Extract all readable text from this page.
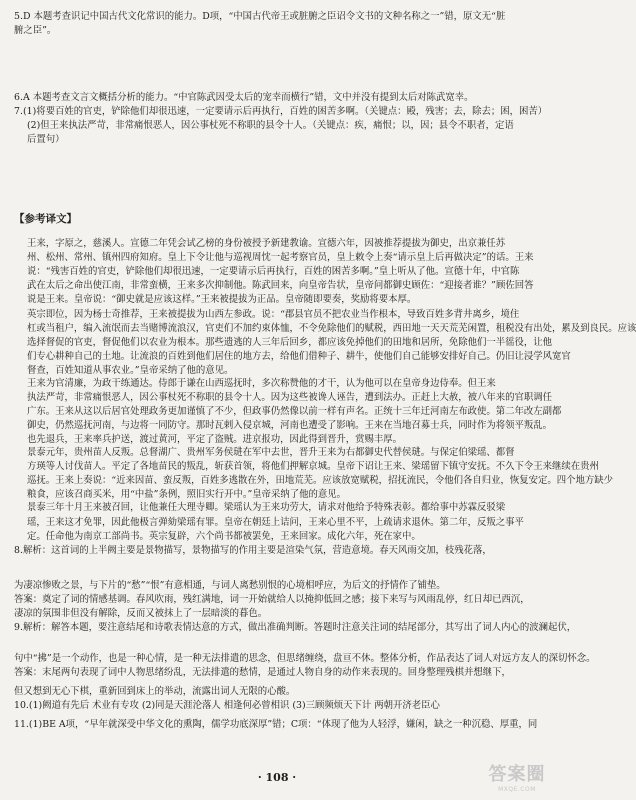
5.D 本题考查识记中国古代文化常识的能力。D项，“中国古代帝王或脏腑之臣诏令文书的文种名称之一”错，原文无“脏
腑之臣”。
6.A 本题考查文言文概括分析的能力。“中官陈武因受太后的宠幸而横行”错，文中并没有提到太后对陈武宽幸。
7.(1)将要百姓的官吏，铲除他们却很迅速，一定要请示后再执行，百姓的困苦多啊。（关键点：殿，残害；去，除去；困，困苦）
(2)但王来执法严苛，非常痛恨恶人，因公事杖死不称职的县令十人。（关键点：疾，痛恨；以，因；县令不职者，定语
后置句）
王来，字原之，慈溪人。宣德二年凭会试乙榜的身份被授予新建教谕。宣德六年，因被推荐提拔为御史，出京兼任苏
州、松州、常州、镇州四府知府。皇上下令让他与巡视周忱一起考察官员，皇上敕令上奏“请示皇上后再做决定”的话。王来
说：“残害百姓的官吏，铲除他们却很迅速，一定要请示后再执行，百姓的困苦多啊。”皇上听从了他。宣德十年，中官陈
武在太后之命出使江南，非常蛮横，王来多次抑制他。陈武回来，向皇帝告状，皇帝问都御史顾佐：“迎接者谁？”顾佐回答
说是王来。皇帝说：“御史就是应该这样。”王来被提拔为正品。皇帝随即要奏，奖励将要本厚。
英宗即位，因为杨士奇推荐，王来被提拔为山西左参政。说：“郡县官员不把农业当作根本，导致百姓多背井离乡，境住
杠或当租户，编入流氓而去当赌博流浪汉，官吏们不加约束体恤，不令免除他们的赋税，西田地一天天荒芜闲置，租税没有出处，累及到良民。应该
选择督促的官吏，督促他们以农业为根本。那些遗逃的人三年后回乡，都应该免掉他们的田地和居所，免除他们一半徭役，让他
们专心耕种自己的土地。让流浪的百姓到他们居住的地方去，给他们借种子、耕牛，使他们自己能够安排好自己。仍旧让浸学风宽官
督查，百姓知道从事农业。”皇帝采纳了他的意见。
王来为官清廉，为政干练通达。侍郎于谦在山西巡抚时，多次称赞他的才干，认为他可以在皇帝身边侍奉。但王来
执法严苛，非常痛恨恶人，因公事杖死不称职的县令十人。因为这些被谗人诬告，遭到法办。正赶上大赦，被八年来的官职调任
广东。王来从这以后居官处理政务更加谨慎了不少，但政事仍然像以前一样有声名。正统十三年迁河南左布政使。第二年改左副都
御史，仍然巡抚河南，与边将一同防守。那时瓦剌入侵京城，河南也遭受了影响。王来在当地召募士兵，同时作为将领平叛乱。
也先退兵，王来率兵护送，渡过黄河，平定了盗贼。进京报功，因此得到晋升，赏赐丰厚。
景泰元年，贵州苗人反叛。总督湖广、贵州军务侯琎在军中去世，晋升王来为右都御史代替侯琎。与保定伯梁瑶、都督
方瑛等人讨伐苗人。平定了各地苗民的叛乱，斩获首领，将他们押解京城。皇帝下诏让王来、梁瑶留下镇守安抚。不久下令王来继续在贵州
巡抚。王来上奏说：“近来因苗、蛮反叛，百姓多逃散在外，田地荒芜。应该放宽赋税，招抚流民，令他们各自归业，恢复安定。四个地方缺少
粮食，应该召商买米，用“中盐”条例，照旧实行开中。”皇帝采纳了他的意见。
景泰三年十月王来被召回，让他兼任大理寺卿。梁瑶认为王来功劳大，请求对他给予特殊表彰。都给事中苏霖反驳梁
瑶，王来这才免罪，因此他极言弹劾梁瑶有罪。皇帝在朝廷上诘问，王来心里不平，上疏请求退休。第二年，反叛之事平
定。任命他为南京工部尚书。英宗复辟，六个尚书都被罢免，王来回家。成化六年，死在家中。
8.解析：这首词的上半阙主要是景物描写，景物描写的作用主要是渲染气氛，营造意境。春天风雨交加，枝残花落，
为凄凉惨败之景，与下片的“愁”“恨”有意相通，与词人离愁别恨的心境相呼应，为后文的抒情作了铺垫。
答案：奠定了词的情感基调。春风吹雨，残红满地，词一开始就给人以掩抑低回之感；接下来写与风雨乱停，红日却已西沉，
凄凉的氛围非但没有解除，反而又被抹上了一层暗淡的暮色。
9.解析：解答本题，要注意结尾和诗歌表情达意的方式，做出准确判断。答题时注意关注词的结尾部分，其写出了词人内心的波澜起伏，
句中“拂”是一个动作，也是一种心情，是一种无法排遣的思念，但思绪缠绕，盘亘不休。整体分析，作品表达了词人对远方友人的深切怀念。
答案：末尾两句表现了词中人物思绪纷乱，无法排遣的愁情，是通过人物自身的动作来表现的。回身整理残棋并想继下，
但又想到无心下棋，重新回到床上的举动，流露出词人无限的心酸。
10.(1)阙道有先后 术业有专攻 (2)同是天涯沦落人 相逢何必曾相识 (3)三顾频烦天下计 两朝开济老臣心
11.(1)BE A项，“早年就深受中华文化的熏陶，儒学功底深厚”错；C项：“体现了他为人轻浮，嫌闲，缺之一种沉稳、厚重，同
【参考译文】
· 108 ·	答案圈
MXQE.COM
